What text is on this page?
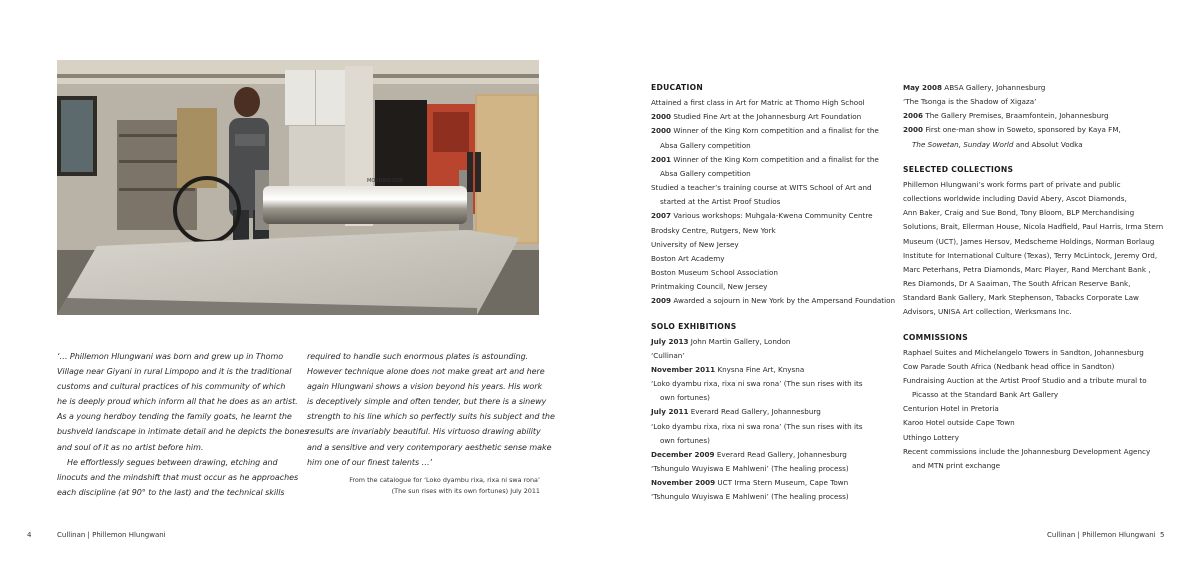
MORNINGSIDE

‘… Phillemon Hlungwani was born and grew up in Thomo

Village near Giyani in rural Limpopo and it is the traditional

customs and cultural practices of his community of which

he is deeply proud which inform all that he does as an artist.

As a young herdboy tending the family goats, he learnt the

bushveld landscape in intimate detail and he depicts the bones

and soul of it as no artist before him.

He effortlessly segues between drawing, etching and

linocuts and the mindshift that must occur as he approaches

each discipline (at 90° to the last) and the technical skills

required to handle such enormous plates is astounding.

However technique alone does not make great art and here

again Hlungwani shows a vision beyond his years. His work

is deceptively simple and often tender, but there is a sinewy

strength to his line which so perfectly suits his subject and the

results are invariably beautiful. His virtuoso drawing ability

and a sensitive and very contemporary aesthetic sense make

him one of our finest talents …’

From the catalogue for ‘Loko dyambu rixa, rixa ni swa rona’
(The sun rises with its own fortunes) July 2011
4	Cullinan | Phillemon Hlungwani	Cullinan | Phillemon Hlungwani 5
EDUCATION
Attained a first class in Art for Matric at Thomo High School
2000 Studied Fine Art at the Johannesburg Art Foundation
2000 Winner of the King Korn competition and a finalist for the
Absa Gallery competition
2001 Winner of the King Korn competition and a finalist for the
Absa Gallery competition
Studied a teacher’s training course at WITS School of Art and
started at the Artist Proof Studios
2007 Various workshops: Muhgala-Kwena Community Centre
Brodsky Centre, Rutgers, New York
University of New Jersey
Boston Art Academy
Boston Museum School Association
Printmaking Council, New Jersey
2009 Awarded a sojourn in New York by the Ampersand Foundation
SOLO EXHIBITIONS
July 2013 John Martin Gallery, London
‘Cullinan’
November 2011 Knysna Fine Art, Knysna
‘Loko dyambu rixa, rixa ni swa rona’ (The sun rises with its
own fortunes)
July 2011 Everard Read Gallery, Johannesburg
‘Loko dyambu rixa, rixa ni swa rona’ (The sun rises with its
own fortunes)
December 2009 Everard Read Gallery, Johannesburg
‘Tshungulo Wuyiswa E Mahlweni’ (The healing process)
November 2009 UCT Irma Stern Museum, Cape Town
‘Tshungulo Wuyiswa E Mahlweni’ (The healing process)
May 2008 ABSA Gallery, Johannesburg
‘The Tsonga is the Shadow of Xigaza’
2006 The Gallery Premises, Braamfontein, Johannesburg
2000 First one-man show in Soweto, sponsored by Kaya FM,
The Sowetan, Sunday World and Absolut Vodka
SELECTED COLLECTIONS
Phillemon Hlungwani’s work forms part of private and public
collections worldwide including David Abery, Ascot Diamonds,
Ann Baker, Craig and Sue Bond, Tony Bloom, BLP Merchandising
Solutions, Brait, Ellerman House, Nicola Hadfield, Paul Harris, Irma Stern
Museum (UCT), James Hersov, Medscheme Holdings, Norman Borlaug
Institute for International Culture (Texas), Terry McLintock, Jeremy Ord,
Marc Peterhans, Petra Diamonds, Marc Player, Rand Merchant Bank ,
Res Diamonds, Dr A Saaiman, The South African Reserve Bank,
Standard Bank Gallery, Mark Stephenson, Tabacks Corporate Law
Advisors, UNISA Art collection, Werksmans Inc.
COMMISSIONS
Raphael Suites and Michelangelo Towers in Sandton, Johannesburg
Cow Parade South Africa (Nedbank head office in Sandton)
Fundraising Auction at the Artist Proof Studio and a tribute mural to
Picasso at the Standard Bank Art Gallery
Centurion Hotel in Pretoria
Karoo Hotel outside Cape Town
Uthingo Lottery
Recent commissions include the Johannesburg Development Agency
and MTN print exchange
